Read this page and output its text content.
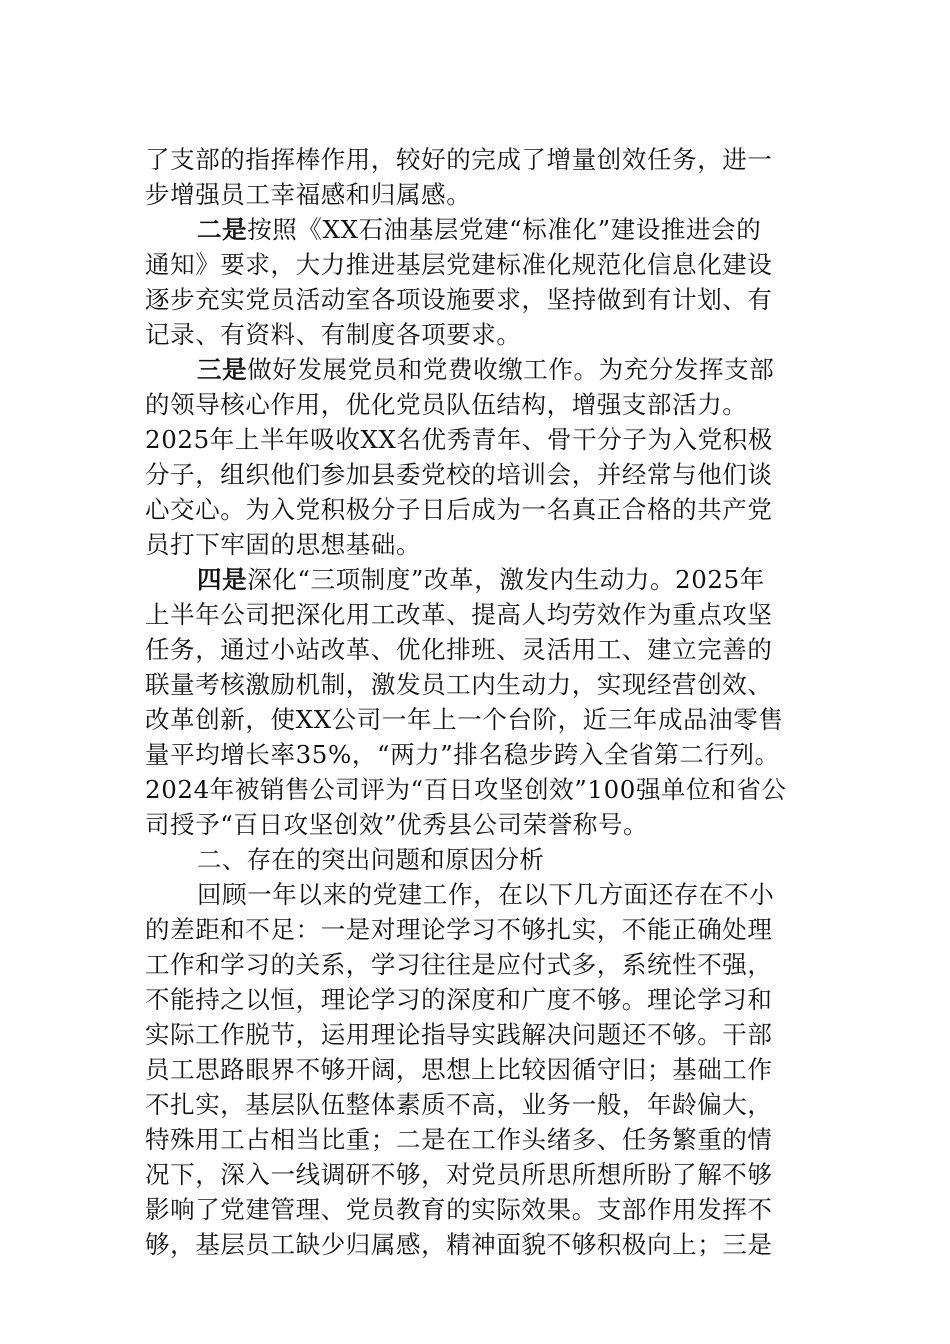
了支部的指挥棒作用，较好的完成了增量创效任务，进一

步增强员工幸福感和归属感。

二是按照《XX石油基层党建“标准化”建设推进会的

通知》要求，大力推进基层党建标准化规范化信息化建设

逐步充实党员活动室各项设施要求，坚持做到有计划、有

记录、有资料、有制度各项要求。

三是做好发展党员和党费收缴工作。为充分发挥支部

的领导核心作用，优化党员队伍结构，增强支部活力。

2025年上半年吸收XX名优秀青年、骨干分子为入党积极

分子，组织他们参加县委党校的培训会，并经常与他们谈

心交心。为入党积极分子日后成为一名真正合格的共产党

员打下牢固的思想基础。

四是深化“三项制度”改革，激发内生动力。2025年

上半年公司把深化用工改革、提高人均劳效作为重点攻坚

任务，通过小站改革、优化排班、灵活用工、建立完善的

联量考核激励机制，激发员工内生动力，实现经营创效、

改革创新，使XX公司一年上一个台阶，近三年成品油零售

量平均增长率35%，“两力”排名稳步跨入全省第二行列。

2024年被销售公司评为“百日攻坚创效”100强单位和省公

司授予“百日攻坚创效”优秀县公司荣誉称号。

二、存在的突出问题和原因分析

回顾一年以来的党建工作，在以下几方面还存在不小

的差距和不足：一是对理论学习不够扎实，不能正确处理

工作和学习的关系，学习往往是应付式多，系统性不强，

不能持之以恒，理论学习的深度和广度不够。理论学习和

实际工作脱节，运用理论指导实践解决问题还不够。干部

员工思路眼界不够开阔，思想上比较因循守旧；基础工作

不扎实，基层队伍整体素质不高，业务一般，年龄偏大，

特殊用工占相当比重；二是在工作头绪多、任务繁重的情

况下，深入一线调研不够，对党员所思所想所盼了解不够

影响了党建管理、党员教育的实际效果。支部作用发挥不

够，基层员工缺少归属感，精神面貌不够积极向上；三是
